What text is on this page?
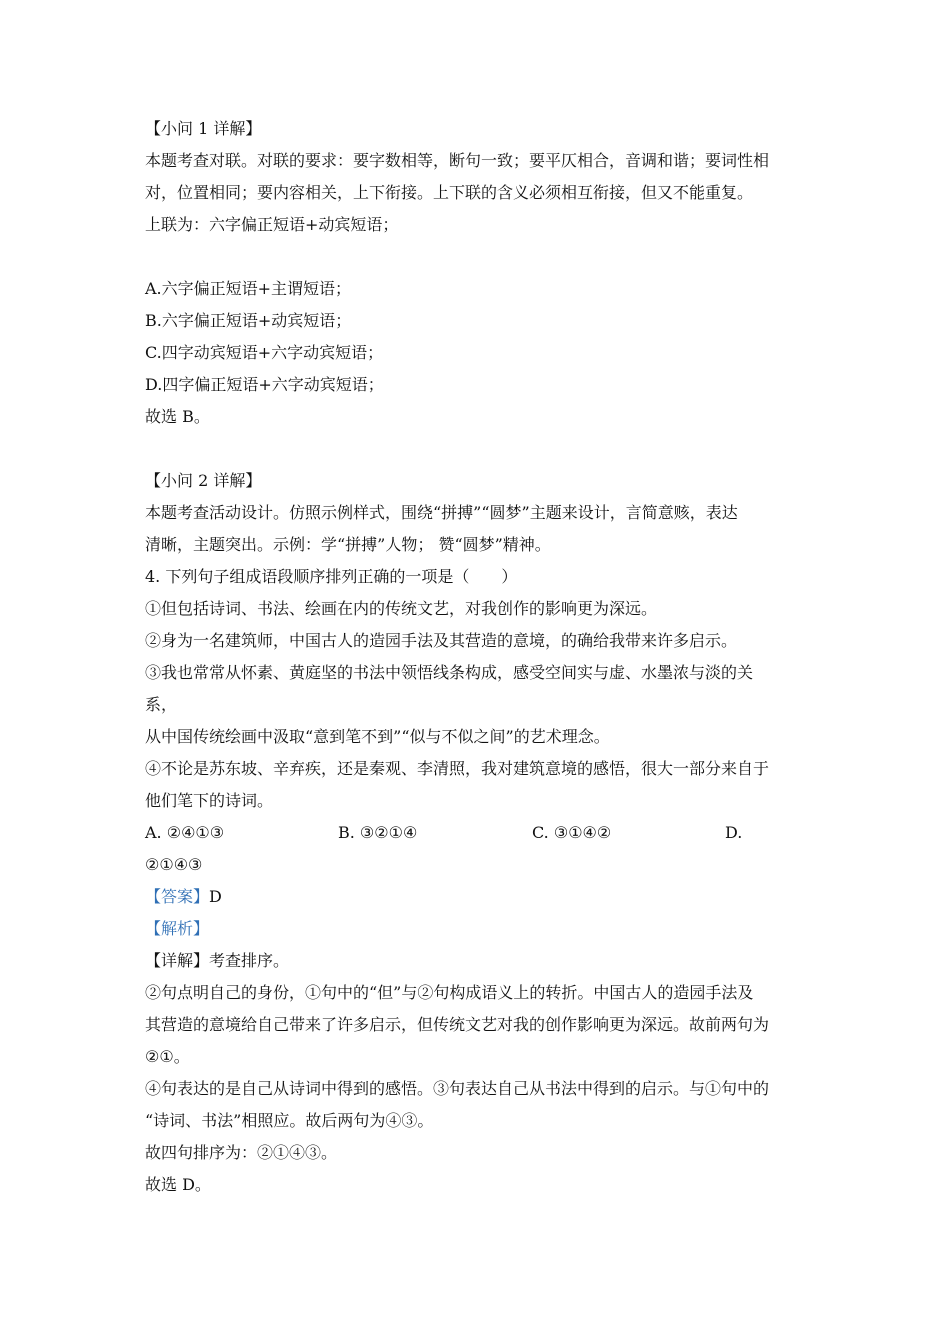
【小问 1 详解】
本题考查对联。对联的要求：要字数相等，断句一致；要平仄相合，音调和谐；要词性相
对，位置相同；要内容相关，上下衔接。上下联的含义必须相互衔接，但又不能重复。
上联为：六字偏正短语+动宾短语；
A.六字偏正短语+主谓短语；
B.六字偏正短语+动宾短语；
C.四字动宾短语+六字动宾短语；
D.四字偏正短语+六字动宾短语；
故选 B。
【小问 2 详解】
本题考查活动设计。仿照示例样式，围绕“拼搏”“圆梦”主题来设计，言简意赅，表达
清晰，主题突出。示例：学“拼搏”人物； 赞“圆梦”精神。
4. 下列句子组成语段顺序排列正确的一项是（　　）
①但包括诗词、书法、绘画在内的传统文艺，对我创作的影响更为深远。
②身为一名建筑师，中国古人的造园手法及其营造的意境，的确给我带来许多启示。
③我也常常从怀素、黄庭坚的书法中领悟线条构成，感受空间实与虚、水墨浓与淡的关
系，
从中国传统绘画中汲取“意到笔不到”“似与不似之间”的艺术理念。
④不论是苏东坡、辛弃疾，还是秦观、李清照，我对建筑意境的感悟，很大一部分来自于
他们笔下的诗词。
A. ②④①③	B. ③②①④	C. ③①④②	D.
②①④③
【答案】D
【解析】
【详解】考查排序。
②句点明自己的身份，①句中的“但”与②句构成语义上的转折。中国古人的造园手法及
其营造的意境给自己带来了许多启示，但传统文艺对我的创作影响更为深远。故前两句为
②①。
④句表达的是自己从诗词中得到的感悟。③句表达自己从书法中得到的启示。与①句中的
“诗词、书法”相照应。故后两句为④③。
故四句排序为：②①④③。
故选 D。
